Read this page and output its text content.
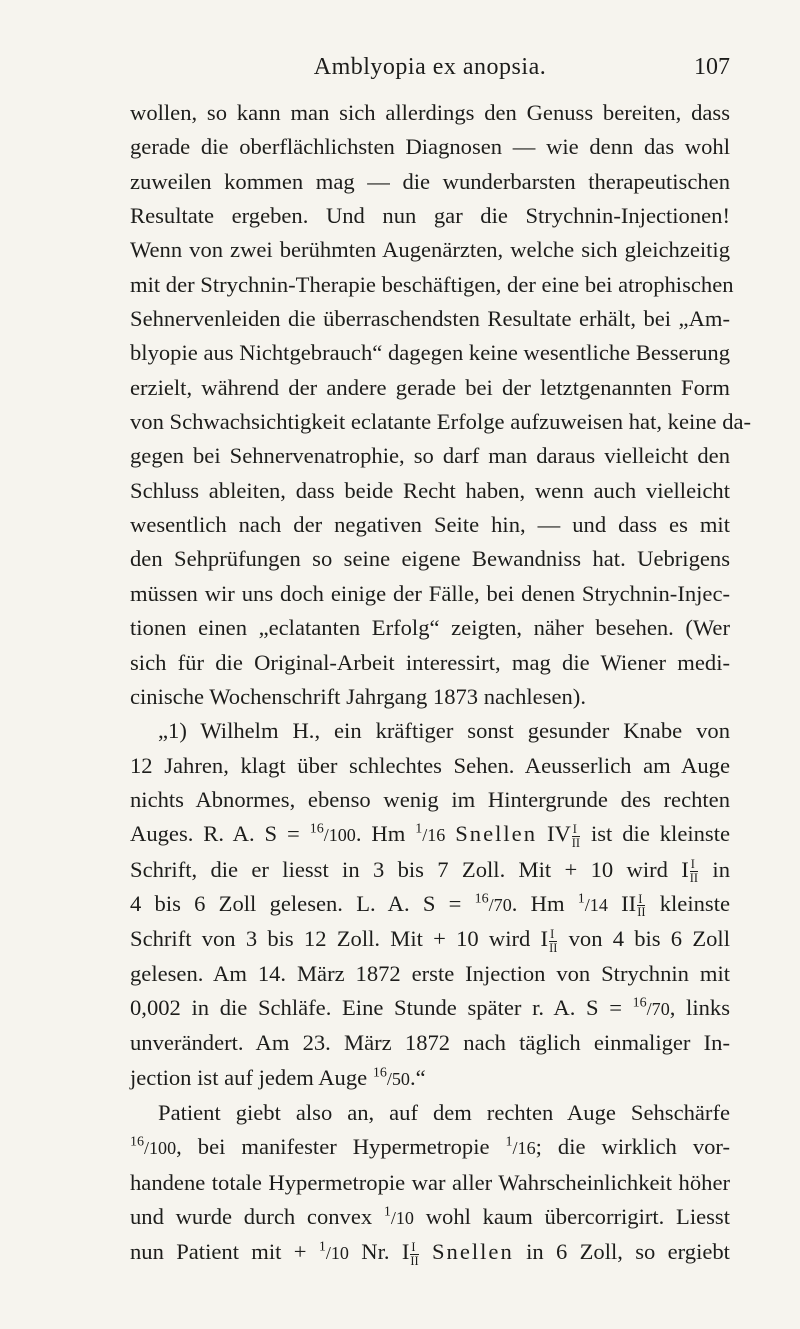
Amblyopia ex anopsia.	107

wollen, so kann man sich allerdings den Genuss bereiten, dass
gerade die oberflächlichsten Diagnosen — wie denn das wohl
zuweilen kommen mag — die wunderbarsten therapeutischen
Resultate ergeben. Und nun gar die Strychnin-Injectionen!
Wenn von zwei berühmten Augenärzten, welche sich gleichzeitig
mit der Strychnin-Therapie beschäftigen, der eine bei atrophischen
Sehnervenleiden die überraschendsten Resultate erhält, bei „Am-
blyopie aus Nichtgebrauch“ dagegen keine wesentliche Besserung
erzielt, während der andere gerade bei der letztgenannten Form
von Schwachsichtigkeit eclatante Erfolge aufzuweisen hat, keine da-
gegen bei Sehnervenatrophie, so darf man daraus vielleicht den
Schluss ableiten, dass beide Recht haben, wenn auch vielleicht
wesentlich nach der negativen Seite hin, — und dass es mit
den Sehprüfungen so seine eigene Bewandniss hat. Uebrigens
müssen wir uns doch einige der Fälle, bei denen Strychnin-Injec-
tionen einen „eclatanten Erfolg“ zeigten, näher besehen. (Wer
sich für die Original-Arbeit interessirt, mag die Wiener medi-
cinische Wochenschrift Jahrgang 1873 nachlesen).

„1) Wilhelm H., ein kräftiger sonst gesunder Knabe von
12 Jahren, klagt über schlechtes Sehen. Aeusserlich am Auge
nichts Abnormes, ebenso wenig im Hintergrunde des rechten
Auges. R. A. S = $^{16}$/100. Hm $^1$/16 Snellen IV $\frac{I}{II}$ ist die kleinste
Schrift, die er liesst in 3 bis 7 Zoll. Mit + 10 wird I $\frac{I}{II}$ in
4 bis 6 Zoll gelesen. L. A. S = $^{16}$/70. Hm $^1$/14 II $\frac{I}{II}$ kleinste
Schrift von 3 bis 12 Zoll. Mit + 10 wird I $\frac{I}{II}$ von 4 bis 6 Zoll
gelesen. Am 14. März 1872 erste Injection von Strychnin mit
0,002 in die Schläfe. Eine Stunde später r. A. S = $^{16}$/70, links
unverändert. Am 23. März 1872 nach täglich einmaliger In-
jection ist auf jedem Auge $^{16}$/50.“

Patient giebt also an, auf dem rechten Auge Sehschärfe
$^{16}$/100, bei manifester Hypermetropie $^1$/16; die wirklich vor-
handene totale Hypermetropie war aller Wahrscheinlichkeit höher
und wurde durch convex $^1$/10 wohl kaum übercorrigirt. Liesst
nun Patient mit + $^1$/10 Nr. I $\frac{I}{II}$ Snellen in 6 Zoll, so ergiebt
